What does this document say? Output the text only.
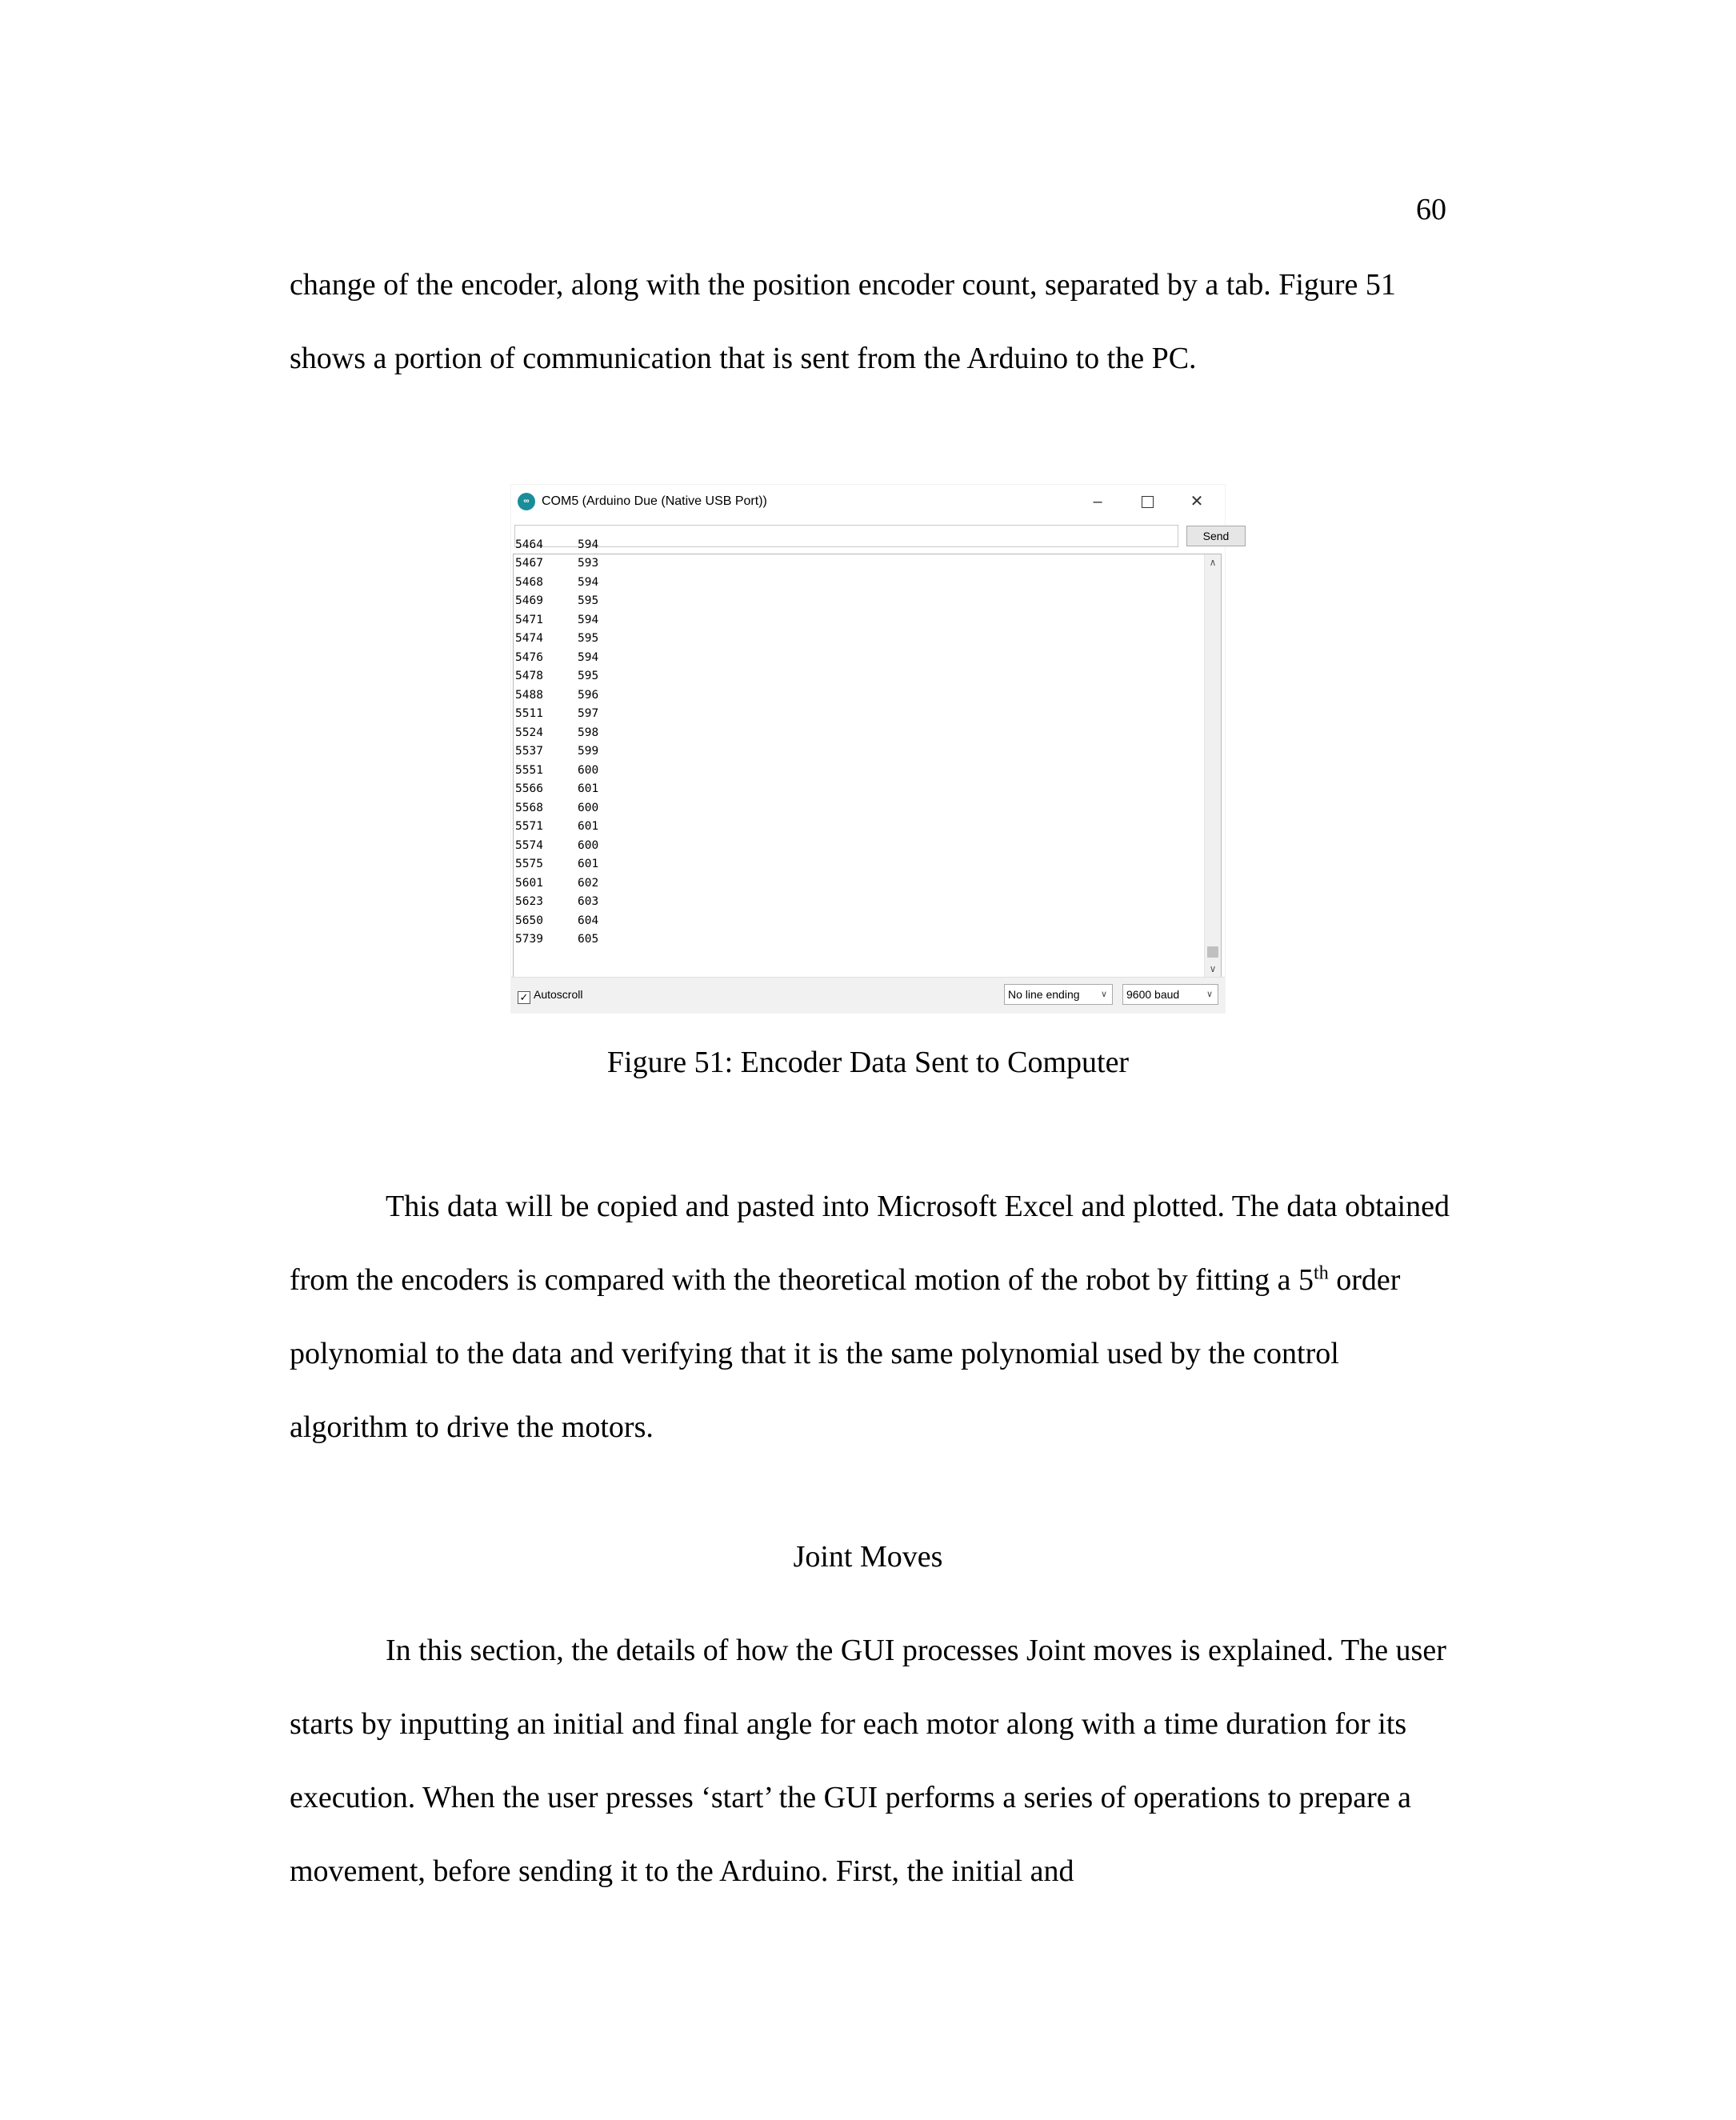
60
change of the encoder, along with the position encoder count, separated by a tab. Figure 51 shows a portion of communication that is sent from the Arduino to the PC.
∞ COM5 (Arduino Due (Native USB Port))	–	✕
Send
5464	594
5467	593
5468	594
5469	595
5471	594
5474	595
5476	594
5478	595
5488	596
5511	597
5524	598
5537	599
5551	600
5566	601
5568	600
5571	601
5574	600
5575	601
5601	602
5623	603
5650	604
5739	605
∧
∨
✓ Autoscroll	No line ending ∨	9600 baud	∨
Figure 51: Encoder Data Sent to Computer
This data will be copied and pasted into Microsoft Excel and plotted. The data obtained from the encoders is compared with the theoretical motion of the robot by fitting a 5th order polynomial to the data and verifying that it is the same polynomial used by the control algorithm to drive the motors.
Joint Moves
In this section, the details of how the GUI processes Joint moves is explained. The user starts by inputting an initial and final angle for each motor along with a time duration for its execution. When the user presses ‘start’ the GUI performs a series of operations to prepare a movement, before sending it to the Arduino. First, the initial and
